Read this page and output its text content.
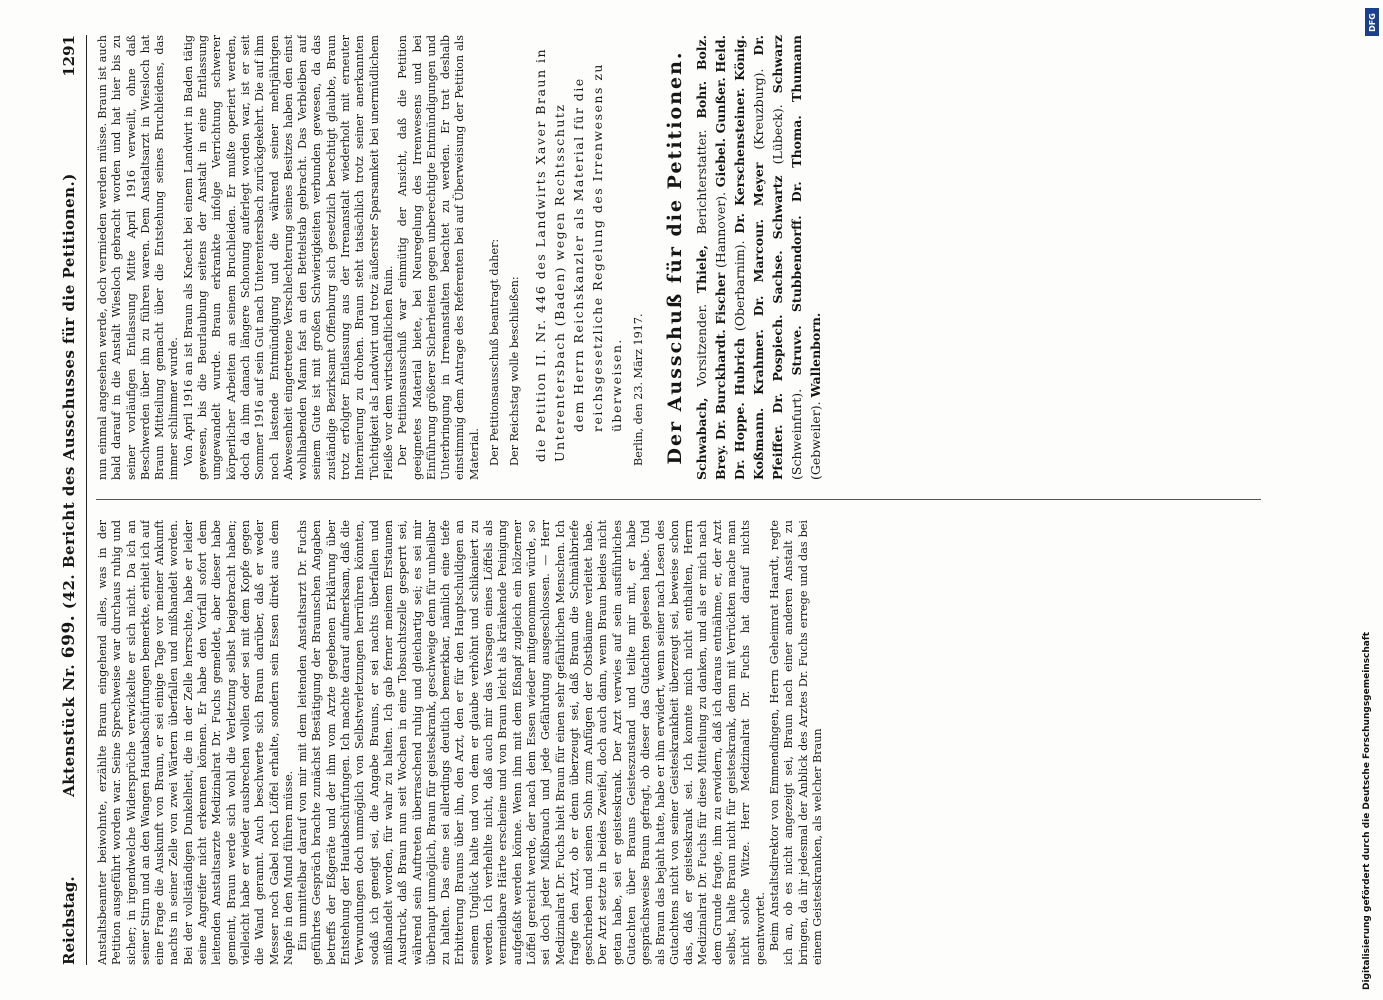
Reichstag.
Aktenstück Nr. 699. (42. Bericht des Ausschusses für die Petitionen.)
1291

Anstaltsbeamter beiwohnte, erzählte Braun eingehend alles, was in der Petition ausgeführt worden war. Seine Sprechweise war durchaus ruhig und sicher; in irgendwelche Widersprüche verwickelte er sich nicht. Da ich an seiner Stirn und an den Wangen Hautabschürfungen bemerkte, erhielt ich auf eine Frage die Auskunft von Braun, er sei einige Tage vor meiner Ankunft nachts in seiner Zelle von zwei Wärtern überfallen und mißhandelt worden. Bei der vollständigen Dunkelheit, die in der Zelle herrschte, habe er leider seine Angreifer nicht erkennen können. Er habe den Vorfall sofort dem leitenden Anstaltsarzte Medizinalrat Dr. Fuchs gemeldet, aber dieser habe gemeint, Braun werde sich wohl die Verletzung selbst beigebracht haben; vielleicht habe er wieder ausbrechen wollen oder sei mit dem Kopfe gegen die Wand gerannt. Auch beschwerte sich Braun darüber, daß er weder Messer noch Gabel noch Löffel erhalte, sondern sein Essen direkt aus dem Napfe in den Mund führen müsse. Ein unmittelbar darauf von mir mit dem leitenden Anstaltsarzt Dr. Fuchs geführtes Gespräch brachte zunächst Bestätigung der Braunschen Angaben betreffs der Eßgeräte und der ihm vom Arzte gegebenen Erklärung über Entstehung der Hautabschürfungen. Ich machte darauf aufmerksam, daß die Verwundungen doch unmöglich von Selbstverletzungen herrühren könnten, sodaß ich geneigt sei, die Angabe Brauns, er sei nachts überfallen und mißhandelt worden, für wahr zu halten. Ich gab ferner meinem Erstaunen Ausdruck, daß Braun nun seit Wochen in eine Tobsuchtszelle gesperrt sei, während sein Auftreten überraschend ruhig und gleichartig sei; es sei mir überhaupt unmöglich, Braun für geisteskrank, geschweige denn für unheilbar zu halten. Das eine sei allerdings deutlich bemerkbar, nämlich eine tiefe Erbitterung Brauns über ihn, den Arzt, den er für den Hauptschuldigen an seinem Unglück halte und von dem er glaube verhöhnt und schikaniert zu werden. Ich verhehlte nicht, daß auch mir das Versagen eines Löffels als vermeidbare Härte erscheine und von Braun leicht als kränkende Peinigung aufgefaßt werden könne. Wenn ihm mit dem Eßnapf zugleich ein hölzerner Löffel gereicht werde, der nach dem Essen wieder mitgenommen würde, so sei doch jeder Mißbrauch und jede Gefährdung ausgeschlossen. — Herr Medizinalrat Dr. Fuchs hielt Braun für einen sehr gefährlichen Menschen. Ich fragte den Arzt, ob er denn überzeugt sei, daß Braun die Schmähbriefe geschrieben und seinen Sohn zum Anfügen der Obstbäume verleitet habe. Der Arzt setzte in beides Zweifel, doch auch dann, wenn Braun beides nicht getan habe, sei er geisteskrank. Der Arzt verwies auf sein ausführliches Gutachten über Brauns Geisteszustand und teilte mir mit, er habe gesprächsweise Braun gefragt, ob dieser das Gutachten gelesen habe. Und als Braun das bejaht hatte, habe er ihm erwidert, wenn seiner nach Lesen des Gutachtens nicht von seiner Geisteskrankheit überzeugt sei, beweise schon das, daß er geisteskrank sei. Ich konnte mich nicht enthalten, Herrn Medizinalrat Dr. Fuchs für diese Mitteilung zu danken, und als er mich nach dem Grunde fragte, ihm zu erwidern, daß ich daraus entnähme, er, der Arzt selbst, halte Braun nicht für geisteskrank, denn mit Verrückten mache man nicht solche Witze. Herr Medizinalrat Dr. Fuchs hat darauf nichts geantwortet. Beim Anstaltsdirektor von Emmendingen, Herrn Geheimrat Haardt, regte ich an, ob es nicht angezeigt sei, Braun nach einer anderen Anstalt zu bringen, da ihr jedesmal der Anblick des Arztes Dr. Fuchs errege und das bei einem Geisteskranken, als welcher Braun

nun einmal angesehen werde, doch vermieden werden müsse. Braun ist auch bald darauf in die Anstalt Wiesloch gebracht worden und hat hier bis zu seiner vorläufigen Entlassung Mitte April 1916 verweilt, ohne daß Beschwerden über ihn zu führen waren. Dem Anstaltsarzt in Wiesloch hat Braun Mitteilung gemacht über die Entstehung seines Bruchleidens, das immer schlimmer wurde. Von April 1916 an ist Braun als Knecht bei einem Landwirt in Baden tätig gewesen, bis die Beurlaubung seitens der Anstalt in eine Entlassung umgewandelt wurde. Braun erkrankte infolge Verrichtung schwerer körperlicher Arbeiten an seinem Bruchleiden. Er mußte operiert werden, doch da ihm danach längere Schonung auferlegt worden war, ist er seit Sommer 1916 auf sein Gut nach Unterentersbach zurückgekehrt. Die auf ihm noch lastende Entmündigung und die während seiner mehrjährigen Abwesenheit eingetretene Verschlechterung seines Besitzes haben den einst wohlhabenden Mann fast an den Bettelstab gebracht. Das Verbleiben auf seinem Gute ist mit großen Schwierigkeiten verbunden gewesen, da das zuständige Bezirksamt Offenburg sich gesetzlich berechtigt glaubte, Braun trotz erfolgter Entlassung aus der Irrenanstalt wiederholt mit erneuter Internierung zu drohen. Braun steht tatsächlich trotz seiner anerkannten Tüchtigkeit als Landwirt und trotz äußerster Sparsamkeit bei unermüdlichem Fleiße vor dem wirtschaftlichen Ruin. Der Petitionsausschuß war einmütig der Ansicht, daß die Petition geeignetes Material biete, bei Neuregelung des Irrenwesens und bei Einführung größerer Sicherheiten gegen unberechtigte Entmündigungen und Unterbringung in Irrenanstalten beachtet zu werden. Er trat deshalb einstimmig dem Antrage des Referenten bei auf Überweisung der Petition als Material. Der Petitionsausschuß beantragt daher: Der Reichstag wolle beschließen: die Petition II. Nr. 446 des Landwirts Xaver Braun in Unterentersbach (Baden) wegen Rechtsschutz dem Herrn Reichskanzler als Material für die reichsgesetzliche Regelung des Irrenwesens zu überweisen. Berlin, den 23. März 1917. Der Ausschuß für die Petitionen. Schwabach, Vorsitzender. Thiele, Berichterstatter. Bohr. Bolz. Brey. Dr. Burckhardt. Fischer (Hannover). Giebel. Gunßer. Held. Dr. Hoppe. Hubrich (Oberbarnim). Dr. Kerschensteiner. König. Koßmann. Krahmer. Dr. Marcour. Meyer (Kreuzburg). Dr. Pfeiffer. Dr. Pospiech. Sachse. Schwartz (Lübeck). Schwarz (Schweinfurt). Struve. Stubbendorff. Dr. Thoma. Thumann (Gebweiler). Wallenborn.
DFG
Digitalisierung gefördert durch die Deutsche Forschungsgemeinschaft
